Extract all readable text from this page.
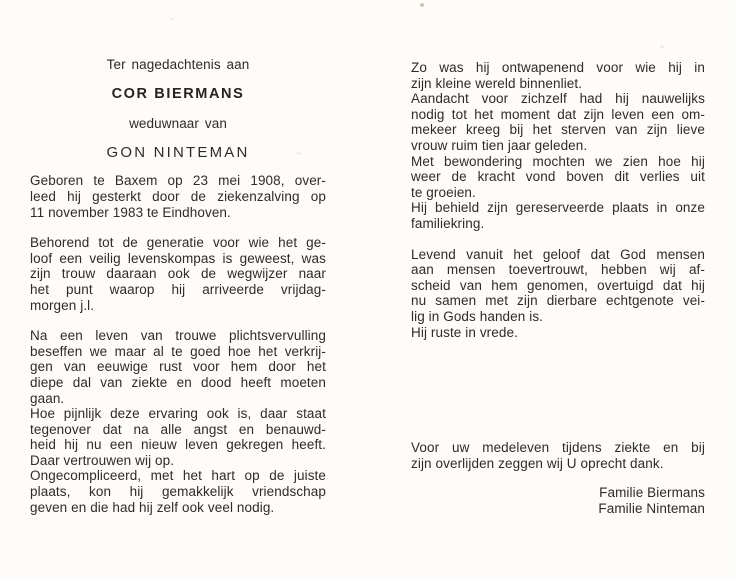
Ter nagedachtenis aan
COR BIERMANS
weduwnaar van
GON NINTEMAN
Geboren te Baxem op 23 mei 1908, over-
leed hij gesterkt door de ziekenzalving op
11 november 1983 te Eindhoven.
Behorend tot de generatie voor wie het ge-
loof een veilig levenskompas is geweest, was
zijn trouw daaraan ook de wegwijzer naar
het punt waarop hij arriveerde vrijdag-
morgen j.l.
Na een leven van trouwe plichtsvervulling
beseffen we maar al te goed hoe het verkrij-
gen van eeuwige rust voor hem door het
diepe dal van ziekte en dood heeft moeten
gaan.
Hoe pijnlijk deze ervaring ook is, daar staat
tegenover dat na alle angst en benauwd-
heid hij nu een nieuw leven gekregen heeft.
Daar vertrouwen wij op.
Ongecompliceerd, met het hart op de juiste
plaats, kon hij gemakkelijk vriendschap
geven en die had hij zelf ook veel nodig.
Zo was hij ontwapenend voor wie hij in
zijn kleine wereld binnenliet.
Aandacht voor zichzelf had hij nauwelijks
nodig tot het moment dat zijn leven een om-
mekeer kreeg bij het sterven van zijn lieve
vrouw ruim tien jaar geleden.
Met bewondering mochten we zien hoe hij
weer de kracht vond boven dit verlies uit
te groeien.
Hij behield zijn gereserveerde plaats in onze
familiekring.
Levend vanuit het geloof dat God mensen
aan mensen toevertrouwt, hebben wij af-
scheid van hem genomen, overtuigd dat hij
nu samen met zijn dierbare echtgenote vei-
lig in Gods handen is.
Hij ruste in vrede.
Voor uw medeleven tijdens ziekte en bij
zijn overlijden zeggen wij U oprecht dank.
Familie Biermans
Familie Ninteman
